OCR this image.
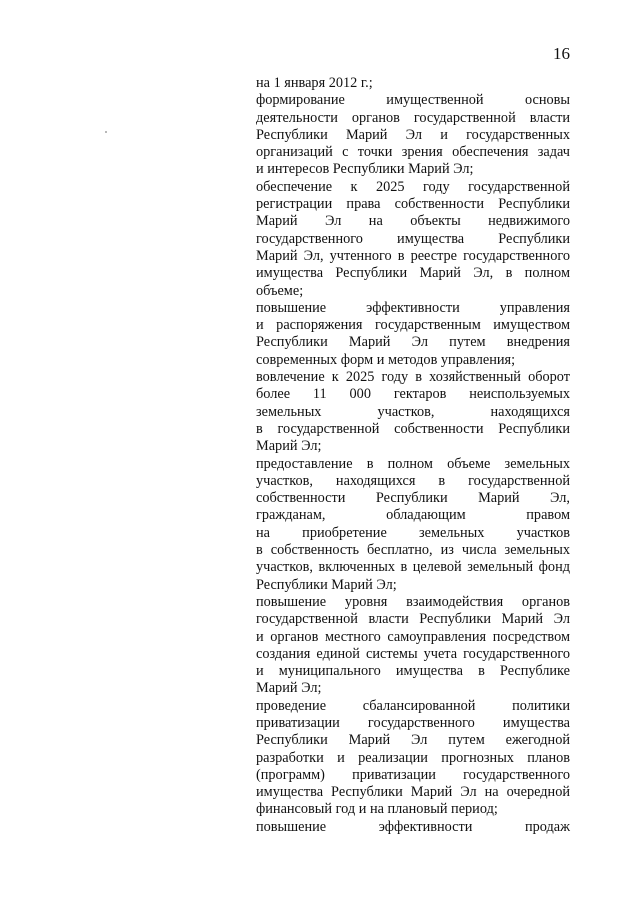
16
на 1 января 2012 г.;
формирование имущественной основы
деятельности органов государственной власти
Республики Марий Эл и государственных
организаций с точки зрения обеспечения задач
и интересов Республики Марий Эл;
обеспечение к 2025 году государственной
регистрации права собственности Республики
Марий Эл на объекты недвижимого
государственного имущества Республики
Марий Эл, учтенного в реестре государственного
имущества Республики Марий Эл, в полном
объеме;
повышение эффективности управления
и распоряжения государственным имуществом
Республики Марий Эл путем внедрения
современных форм и методов управления;
вовлечение к 2025 году в хозяйственный оборот
более 11 000 гектаров неиспользуемых
земельных участков, находящихся
в государственной собственности Республики
Марий Эл;
предоставление в полном объеме земельных
участков, находящихся в государственной
собственности Республики Марий Эл,
гражданам, обладающим правом
на приобретение земельных участков
в собственность бесплатно, из числа земельных
участков, включенных в целевой земельный фонд
Республики Марий Эл;
повышение уровня взаимодействия органов
государственной власти Республики Марий Эл
и органов местного самоуправления посредством
создания единой системы учета государственного
и муниципального имущества в Республике
Марий Эл;
проведение сбалансированной политики
приватизации государственного имущества
Республики Марий Эл путем ежегодной
разработки и реализации прогнозных планов
(программ) приватизации государственного
имущества Республики Марий Эл на очередной
финансовый год и на плановый период;
повышение эффективности продаж
